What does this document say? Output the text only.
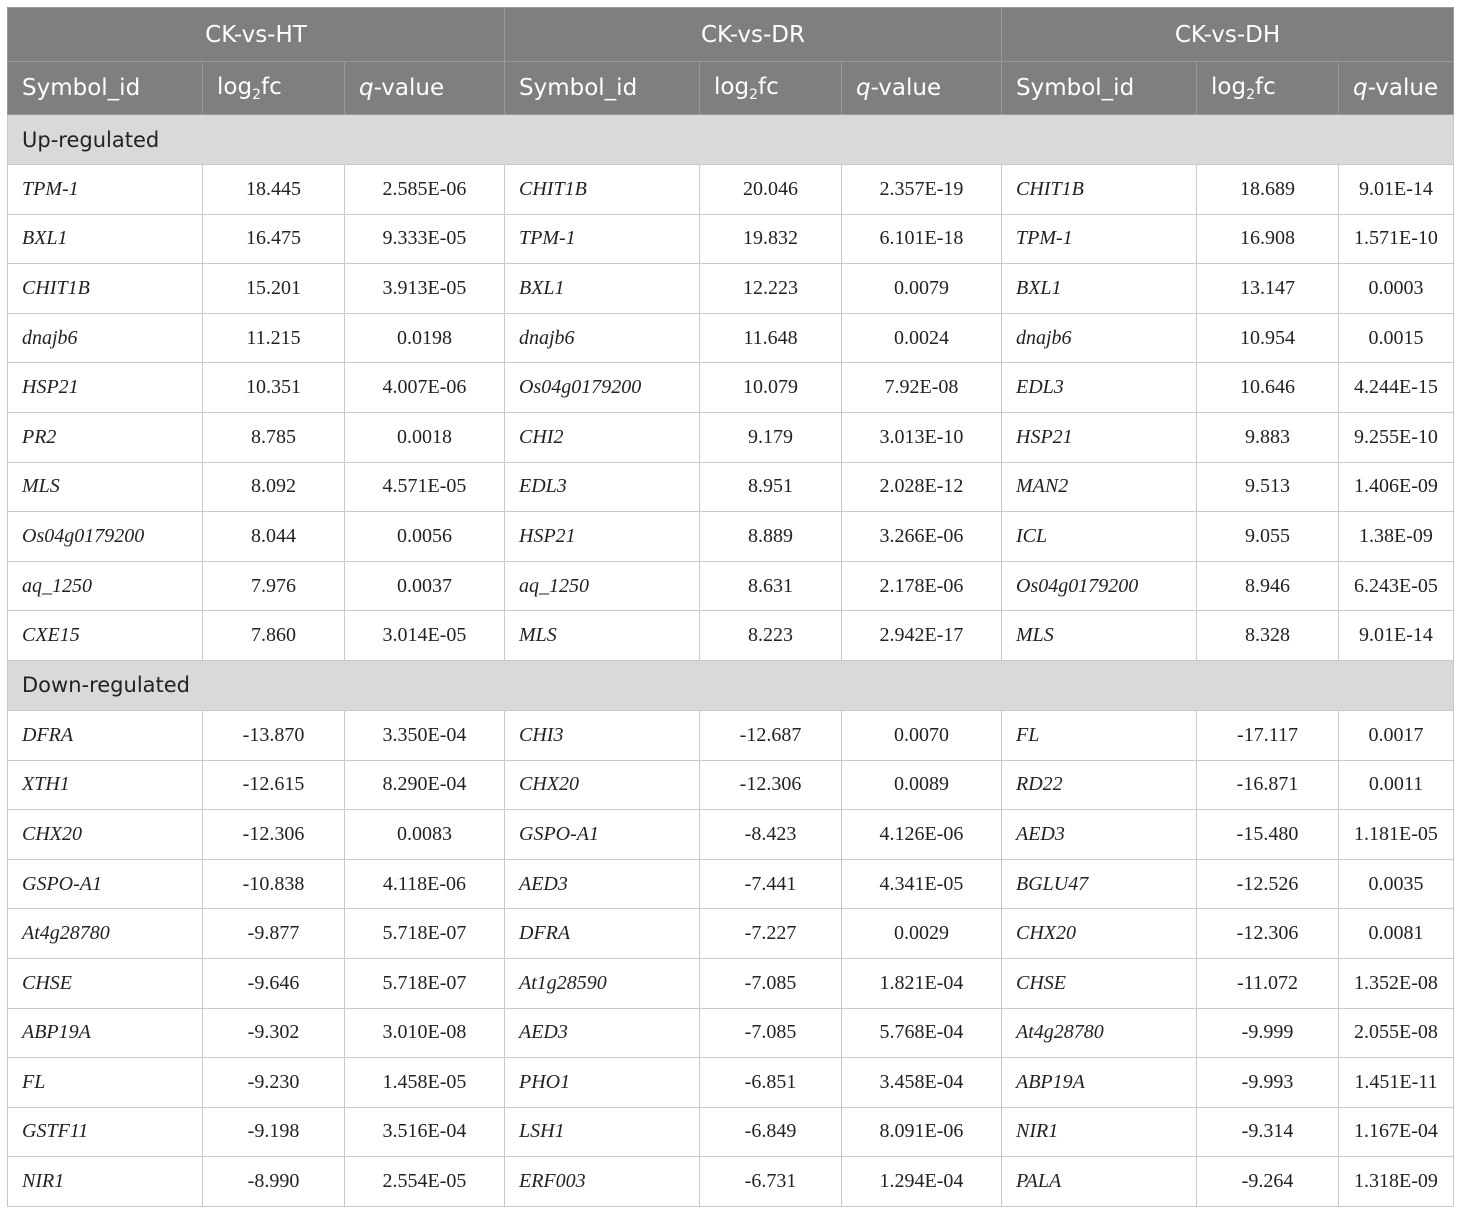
CK-vs-HT			CK-vs-DR			CK-vs-DH		
Symbol_id	$\log_2fc$	q-value	Symbol_id	$\log_2fc$	q-value	Symbol_id	$\log_2fc$	q-value
Up-regulated								
TPM-1	18.445	2.585E-06	CHIT1B	20.046	2.357E-19	CHIT1B	18.689	9.01E-14
BXL1	16.475	9.333E-05	TPM-1	19.832	6.101E-18	TPM-1	16.908	1.571E-10
CHIT1B	15.201	3.913E-05	BXL1	12.223	0.0079	BXL1	13.147	0.0003
dnajb6	11.215	0.0198	dnajb6	11.648	0.0024	dnajb6	10.954	0.0015
HSP21	10.351	4.007E-06	Os04g0179200	10.079	7.92E-08	EDL3	10.646	4.244E-15
PR2	8.785	0.0018	CHI2	9.179	3.013E-10	HSP21	9.883	9.255E-10
MLS	8.092	4.571E-05	EDL3	8.951	2.028E-12	MAN2	9.513	1.406E-09
Os04g0179200	8.044	0.0056	HSP21	8.889	3.266E-06	ICL	9.055	1.38E-09
aq_1250	7.976	0.0037	aq_1250	8.631	2.178E-06	Os04g0179200	8.946	6.243E-05
CXE15	7.860	3.014E-05	MLS	8.223	2.942E-17	MLS	8.328	9.01E-14
Down-regulated								
DFRA	-13.870	3.350E-04	CHI3	-12.687	0.0070	FL	-17.117	0.0017
XTH1	-12.615	8.290E-04	CHX20	-12.306	0.0089	RD22	-16.871	0.0011
CHX20	-12.306	0.0083	GSPO-A1	-8.423	4.126E-06	AED3	-15.480	1.181E-05
GSPO-A1	-10.838	4.118E-06	AED3	-7.441	4.341E-05	BGLU47	-12.526	0.0035
At4g28780	-9.877	5.718E-07	DFRA	-7.227	0.0029	CHX20	-12.306	0.0081
CHSE	-9.646	5.718E-07	At1g28590	-7.085	1.821E-04	CHSE	-11.072	1.352E-08
ABP19A	-9.302	3.010E-08	AED3	-7.085	5.768E-04	At4g28780	-9.999	2.055E-08
FL	-9.230	1.458E-05	PHO1	-6.851	3.458E-04	ABP19A	-9.993	1.451E-11
GSTF11	-9.198	3.516E-04	LSH1	-6.849	8.091E-06	NIR1	-9.314	1.167E-04
NIR1	-8.990	2.554E-05	ERF003	-6.731	1.294E-04	PALA	-9.264	1.318E-09
